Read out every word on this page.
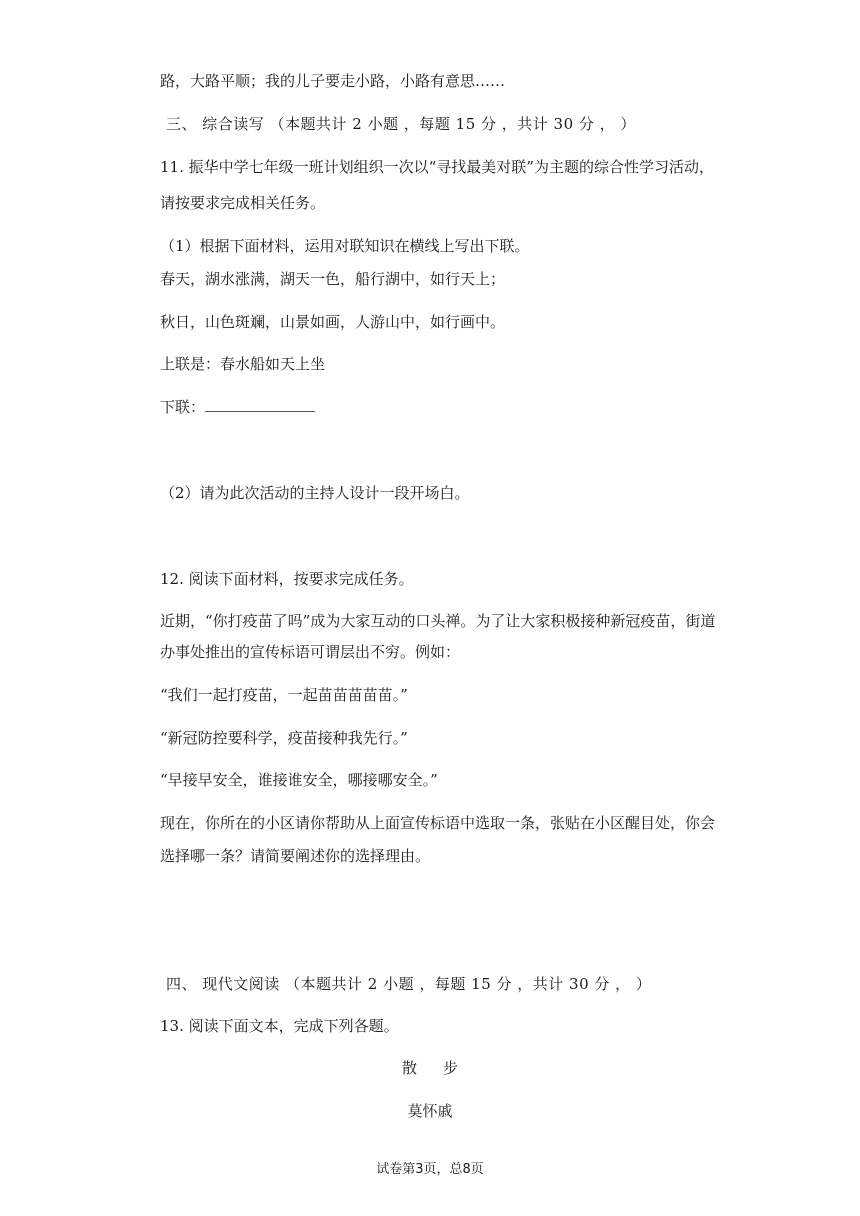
路，大路平顺；我的儿子要走小路，小路有意思……
三、 综合读写 （本题共计 2 小题 ，每题 15 分 ，共计 30 分 ， ）
11. 振华中学七年级一班计划组织一次以“寻找最美对联”为主题的综合性学习活动，
请按要求完成相关任务。
（1）根据下面材料，运用对联知识在横线上写出下联。
春天，湖水涨满，湖天一色，船行湖中，如行天上；
秋日，山色斑斓，山景如画，人游山中，如行画中。
上联是：春水船如天上坐
下联：
（2）请为此次活动的主持人设计一段开场白。
12. 阅读下面材料，按要求完成任务。
近期，“你打疫苗了吗”成为大家互动的口头禅。为了让大家积极接种新冠疫苗，街道
办事处推出的宣传标语可谓层出不穷。例如：
“我们一起打疫苗，一起苗苗苗苗苗。”
“新冠防控要科学，疫苗接种我先行。”
“早接早安全，谁接谁安全，哪接哪安全。”
现在，你所在的小区请你帮助从上面宣传标语中选取一条，张贴在小区醒目处，你会
选择哪一条？请简要阐述你的选择理由。
四、 现代文阅读 （本题共计 2 小题 ，每题 15 分 ，共计 30 分 ， ）
13. 阅读下面文本，完成下列各题。
散步
莫怀戚
试卷第3页，总8页
